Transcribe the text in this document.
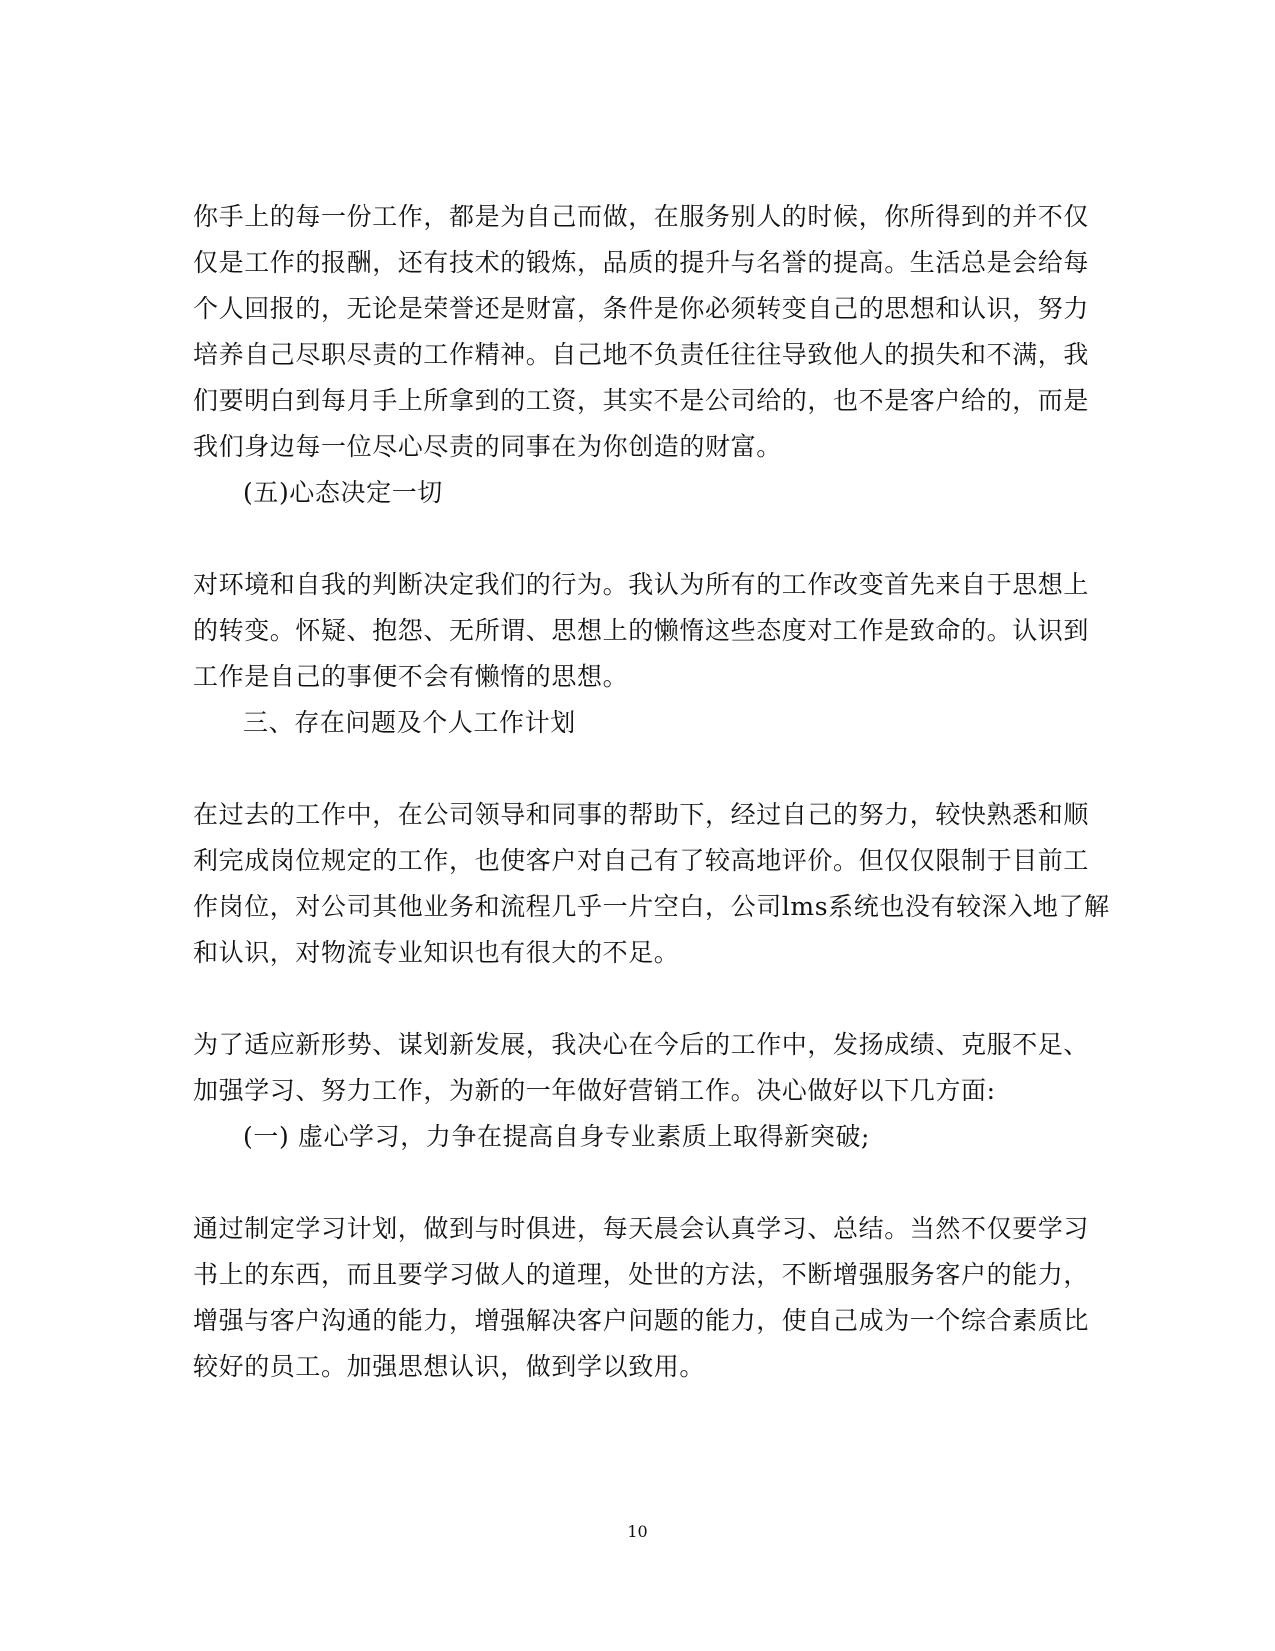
你手上的每一份工作，都是为自己而做，在服务别人的时候，你所得到的并不仅
仅是工作的报酬，还有技术的锻炼，品质的提升与名誉的提高。生活总是会给每
个人回报的，无论是荣誉还是财富，条件是你必须转变自己的思想和认识，努力
培养自己尽职尽责的工作精神。自己地不负责任往往导致他人的损失和不满，我
们要明白到每月手上所拿到的工资，其实不是公司给的，也不是客户给的，而是
我们身边每一位尽心尽责的同事在为你创造的财富。
(五)心态决定一切
对环境和自我的判断决定我们的行为。我认为所有的工作改变首先来自于思想上
的转变。怀疑、抱怨、无所谓、思想上的懒惰这些态度对工作是致命的。认识到
工作是自己的事便不会有懒惰的思想。
三、存在问题及个人工作计划
在过去的工作中，在公司领导和同事的帮助下，经过自己的努力，较快熟悉和顺
利完成岗位规定的工作，也使客户对自己有了较高地评价。但仅仅限制于目前工
作岗位，对公司其他业务和流程几乎一片空白，公司lms系统也没有较深入地了解
和认识，对物流专业知识也有很大的不足。
为了适应新形势、谋划新发展，我决心在今后的工作中，发扬成绩、克服不足、
加强学习、努力工作，为新的一年做好营销工作。决心做好以下几方面:
(一) 虚心学习，力争在提高自身专业素质上取得新突破;
通过制定学习计划，做到与时俱进，每天晨会认真学习、总结。当然不仅要学习
书上的东西，而且要学习做人的道理，处世的方法，不断增强服务客户的能力，
增强与客户沟通的能力，增强解决客户问题的能力，使自己成为一个综合素质比
较好的员工。加强思想认识，做到学以致用。
10
